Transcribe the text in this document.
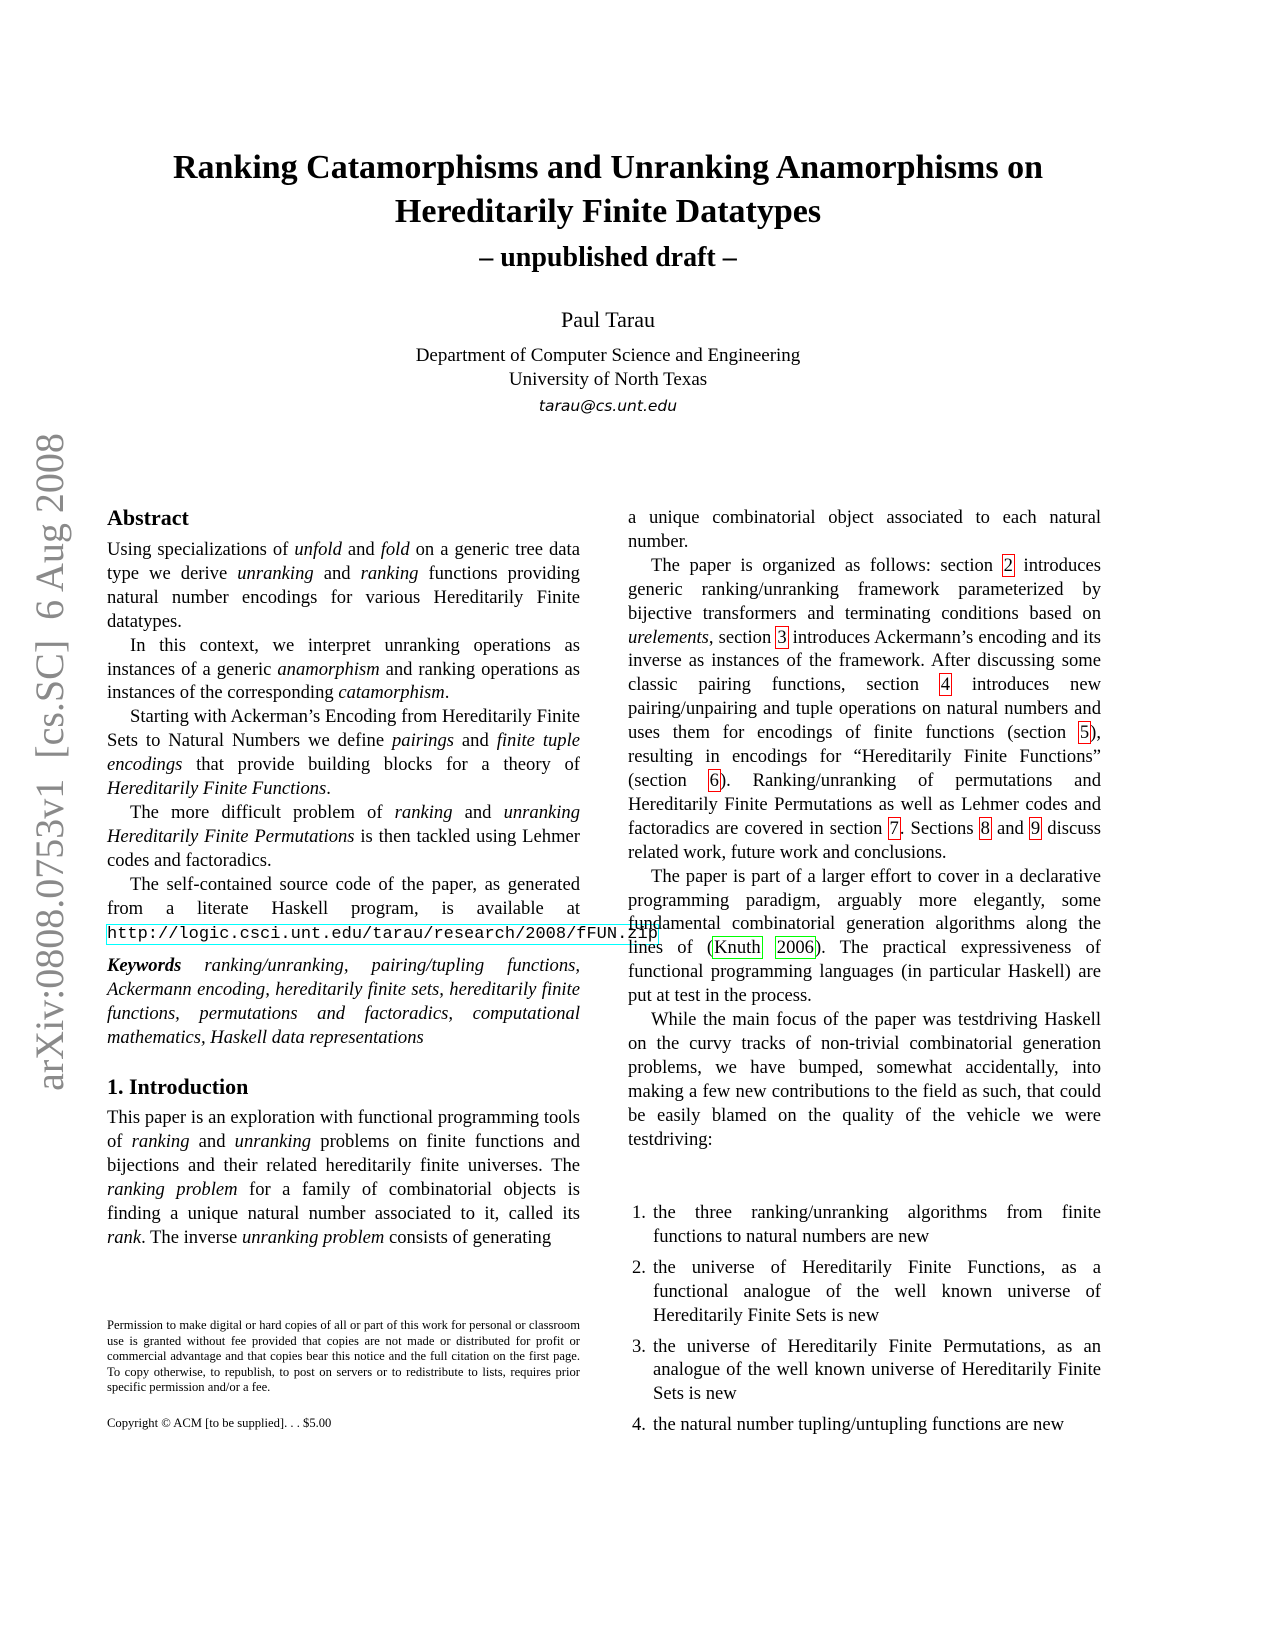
arXiv:0808.0753v1  [cs.SC]  6 Aug 2008
Ranking Catamorphisms and Unranking Anamorphisms on
Hereditarily Finite Datatypes
– unpublished draft –
Paul Tarau
Department of Computer Science and Engineering
University of North Texas
tarau@cs.unt.edu
Abstract

Using specializations of unfold and fold on a generic tree data type we derive unranking and ranking functions providing natural number encodings for various Hereditarily Finite datatypes.

In this context, we interpret unranking operations as instances of a generic anamorphism and ranking operations as instances of the corresponding catamorphism.

Starting with Ackerman’s Encoding from Hereditarily Finite Sets to Natural Numbers we define pairings and finite tuple encodings that provide building blocks for a theory of Hereditarily Finite Functions.

The more difficult problem of ranking and unranking Hereditarily Finite Permutations is then tackled using Lehmer codes and factoradics.

The self-contained source code of the paper, as generated from a literate Haskell program, is available at http://logic.csci.unt.edu/tarau/research/2008/fFUN.zip

Keywords ranking/unranking, pairing/tupling functions, Ackermann encoding, hereditarily finite sets, hereditarily finite functions, permutations and factoradics, computational mathematics, Haskell data representations

1. Introduction

This paper is an exploration with functional programming tools of ranking and unranking problems on finite functions and bijections and their related hereditarily finite universes. The ranking problem for a family of combinatorial objects is finding a unique natural number associated to it, called its rank. The inverse unranking problem consists of generating

Permission to make digital or hard copies of all or part of this work for personal or classroom use is granted without fee provided that copies are not made or distributed for profit or commercial advantage and that copies bear this notice and the full citation on the first page. To copy otherwise, to republish, to post on servers or to redistribute to lists, requires prior specific permission and/or a fee.
Copyright © ACM [to be supplied]. . . $5.00

a unique combinatorial object associated to each natural number.

The paper is organized as follows: section 2 introduces generic ranking/unranking framework parameterized by bijective transformers and terminating conditions based on urelements, section 3 introduces Ackermann’s encoding and its inverse as instances of the framework. After discussing some classic pairing functions, section 4 introduces new pairing/unpairing and tuple operations on natural numbers and uses them for encodings of finite functions (section 5), resulting in encodings for “Hereditarily Finite Functions” (section 6). Ranking/unranking of permutations and Hereditarily Finite Permutations as well as Lehmer codes and factoradics are covered in section 7. Sections 8 and 9 discuss related work, future work and conclusions.

The paper is part of a larger effort to cover in a declarative programming paradigm, arguably more elegantly, some fundamental combinatorial generation algorithms along the lines of (Knuth 2006). The practical expressiveness of functional programming languages (in particular Haskell) are put at test in the process.

While the main focus of the paper was testdriving Haskell on the curvy tracks of non-trivial combinatorial generation problems, we have bumped, somewhat accidentally, into making a few new contributions to the field as such, that could be easily blamed on the quality of the vehicle we were testdriving:

1. the three ranking/unranking algorithms from finite functions to natural numbers are new
2. the universe of Hereditarily Finite Functions, as a functional analogue of the well known universe of Hereditarily Finite Sets is new
3. the universe of Hereditarily Finite Permutations, as an analogue of the well known universe of Hereditarily Finite Sets is new
4. the natural number tupling/untupling functions are new
